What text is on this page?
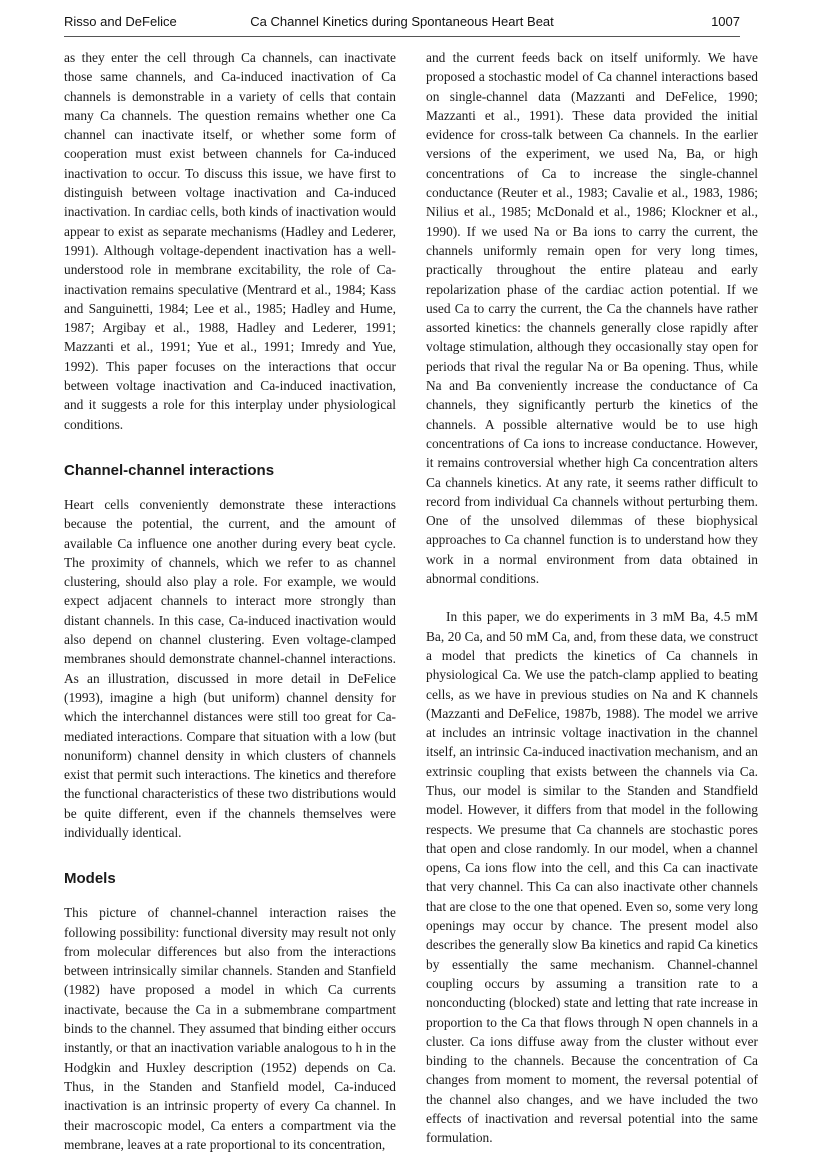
Risso and DeFelice	Ca Channel Kinetics during Spontaneous Heart Beat	1007

as they enter the cell through Ca channels, can inactivate those same channels, and Ca-induced inactivation of Ca channels is demonstrable in a variety of cells that contain many Ca channels. The question remains whether one Ca channel can inactivate itself, or whether some form of cooperation must exist between channels for Ca-induced inactivation to occur. To discuss this issue, we have first to distinguish between voltage inactivation and Ca-induced inactivation. In cardiac cells, both kinds of inactivation would appear to exist as separate mechanisms (Hadley and Lederer, 1991). Although voltage-dependent inactivation has a well-understood role in membrane excitability, the role of Ca-inactivation remains speculative (Mentrard et al., 1984; Kass and Sanguinetti, 1984; Lee et al., 1985; Hadley and Hume, 1987; Argibay et al., 1988, Hadley and Lederer, 1991; Mazzanti et al., 1991; Yue et al., 1991; Imredy and Yue, 1992). This paper focuses on the interactions that occur between voltage inactivation and Ca-induced inactivation, and it suggests a role for this interplay under physiological conditions.

Channel-channel interactions

Heart cells conveniently demonstrate these interactions because the potential, the current, and the amount of available Ca influence one another during every beat cycle. The proximity of channels, which we refer to as channel clustering, should also play a role. For example, we would expect adjacent channels to interact more strongly than distant channels. In this case, Ca-induced inactivation would also depend on channel clustering. Even voltage-clamped membranes should demonstrate channel-channel interactions. As an illustration, discussed in more detail in DeFelice (1993), imagine a high (but uniform) channel density for which the interchannel distances were still too great for Ca-mediated interactions. Compare that situation with a low (but nonuniform) channel density in which clusters of channels exist that permit such interactions. The kinetics and therefore the functional characteristics of these two distributions would be quite different, even if the channels themselves were individually identical.

Models

This picture of channel-channel interaction raises the following possibility: functional diversity may result not only from molecular differences but also from the interactions between intrinsically similar channels. Standen and Stanfield (1982) have proposed a model in which Ca currents inactivate, because the Ca in a submembrane compartment binds to the channel. They assumed that binding either occurs instantly, or that an inactivation variable analogous to h in the Hodgkin and Huxley description (1952) depends on Ca. Thus, in the Standen and Stanfield model, Ca-induced inactivation is an intrinsic property of every Ca channel. In their macroscopic model, Ca enters a compartment via the membrane, leaves at a rate proportional to its concentration,

and the current feeds back on itself uniformly. We have proposed a stochastic model of Ca channel interactions based on single-channel data (Mazzanti and DeFelice, 1990; Mazzanti et al., 1991). These data provided the initial evidence for cross-talk between Ca channels. In the earlier versions of the experiment, we used Na, Ba, or high concentrations of Ca to increase the single-channel conductance (Reuter et al., 1983; Cavalie et al., 1983, 1986; Nilius et al., 1985; McDonald et al., 1986; Klockner et al., 1990). If we used Na or Ba ions to carry the current, the channels uniformly remain open for very long times, practically throughout the entire plateau and early repolarization phase of the cardiac action potential. If we used Ca to carry the current, the Ca the channels have rather assorted kinetics: the channels generally close rapidly after voltage stimulation, although they occasionally stay open for periods that rival the regular Na or Ba opening. Thus, while Na and Ba conveniently increase the conductance of Ca channels, they significantly perturb the kinetics of the channels. A possible alternative would be to use high concentrations of Ca ions to increase conductance. However, it remains controversial whether high Ca concentration alters Ca channels kinetics. At any rate, it seems rather difficult to record from individual Ca channels without perturbing them. One of the unsolved dilemmas of these biophysical approaches to Ca channel function is to understand how they work in a normal environment from data obtained in abnormal conditions.

In this paper, we do experiments in 3 mM Ba, 4.5 mM Ba, 20 Ca, and 50 mM Ca, and, from these data, we construct a model that predicts the kinetics of Ca channels in physiological Ca. We use the patch-clamp applied to beating cells, as we have in previous studies on Na and K channels (Mazzanti and DeFelice, 1987b, 1988). The model we arrive at includes an intrinsic voltage inactivation in the channel itself, an intrinsic Ca-induced inactivation mechanism, and an extrinsic coupling that exists between the channels via Ca. Thus, our model is similar to the Standen and Standfield model. However, it differs from that model in the following respects. We presume that Ca channels are stochastic pores that open and close randomly. In our model, when a channel opens, Ca ions flow into the cell, and this Ca can inactivate that very channel. This Ca can also inactivate other channels that are close to the one that opened. Even so, some very long openings may occur by chance. The present model also describes the generally slow Ba kinetics and rapid Ca kinetics by essentially the same mechanism. Channel-channel coupling occurs by assuming a transition rate to a nonconducting (blocked) state and letting that rate increase in proportion to the Ca that flows through N open channels in a cluster. Ca ions diffuse away from the cluster without ever binding to the channels. Because the concentration of Ca changes from moment to moment, the reversal potential of the channel also changes, and we have included the two effects of inactivation and reversal potential into the same formulation.
